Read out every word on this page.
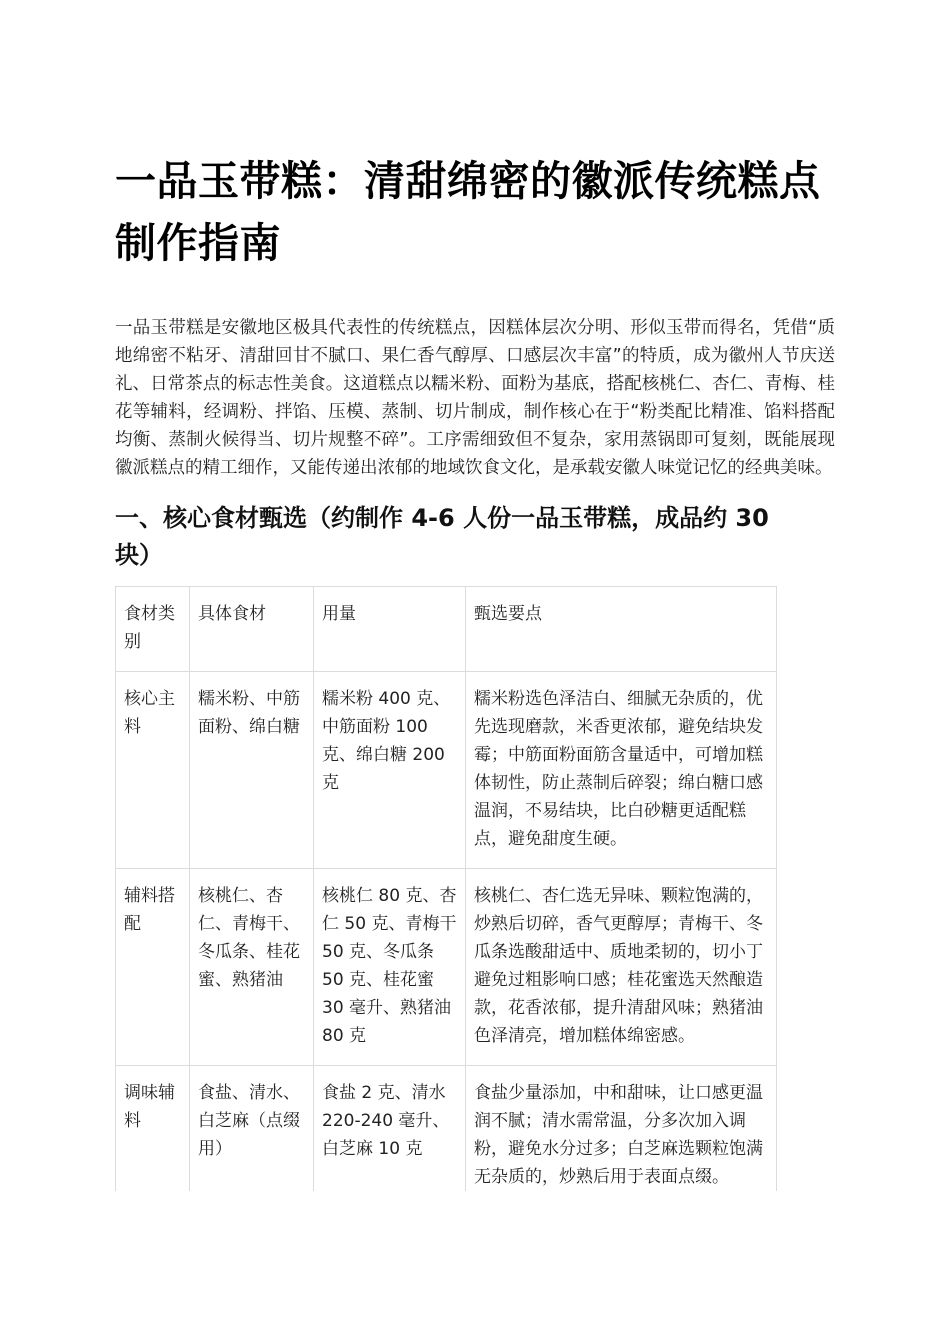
一品玉带糕：清甜绵密的徽派传统糕点制作指南

一品玉带糕是安徽地区极具代表性的传统糕点，因糕体层次分明、形似玉带而得名，凭借“质地绵密不粘牙、清甜回甘不腻口、果仁香气醇厚、口感层次丰富”的特质，成为徽州人节庆送礼、日常茶点的标志性美食。这道糕点以糯米粉、面粉为基底，搭配核桃仁、杏仁、青梅、桂花等辅料，经调粉、拌馅、压模、蒸制、切片制成，制作核心在于“粉类配比精准、馅料搭配均衡、蒸制火候得当、切片规整不碎”。工序需细致但不复杂，家用蒸锅即可复刻，既能展现徽派糕点的精工细作，又能传递出浓郁的地域饮食文化，是承载安徽人味觉记忆的经典美味。

一、核心食材甄选（约制作 4-6 人份一品玉带糕，成品约 30 块）
食材类别	具体食材	用量	甄选要点
核心主料	糯米粉、中筋面粉、绵白糖	糯米粉 400 克、中筋面粉 100 克、绵白糖 200 克	糯米粉选色泽洁白、细腻无杂质的，优先选现磨款，米香更浓郁，避免结块发霉；中筋面粉面筋含量适中，可增加糕体韧性，防止蒸制后碎裂；绵白糖口感温润，不易结块，比白砂糖更适配糕点，避免甜度生硬。
辅料搭配	核桃仁、杏仁、青梅干、冬瓜条、桂花蜜、熟猪油	核桃仁 80 克、杏仁 50 克、青梅干 50 克、冬瓜条 50 克、桂花蜜 30 毫升、熟猪油 80 克	核桃仁、杏仁选无异味、颗粒饱满的，炒熟后切碎，香气更醇厚；青梅干、冬瓜条选酸甜适中、质地柔韧的，切小丁避免过粗影响口感；桂花蜜选天然酿造款，花香浓郁，提升清甜风味；熟猪油色泽清亮，增加糕体绵密感。
调味辅料	食盐、清水、白芝麻（点缀用）	食盐 2 克、清水 220-240 毫升、白芝麻 10 克	食盐少量添加，中和甜味，让口感更温润不腻；清水需常温，分多次加入调粉，避免水分过多；白芝麻选颗粒饱满无杂质的，炒熟后用于表面点缀。
